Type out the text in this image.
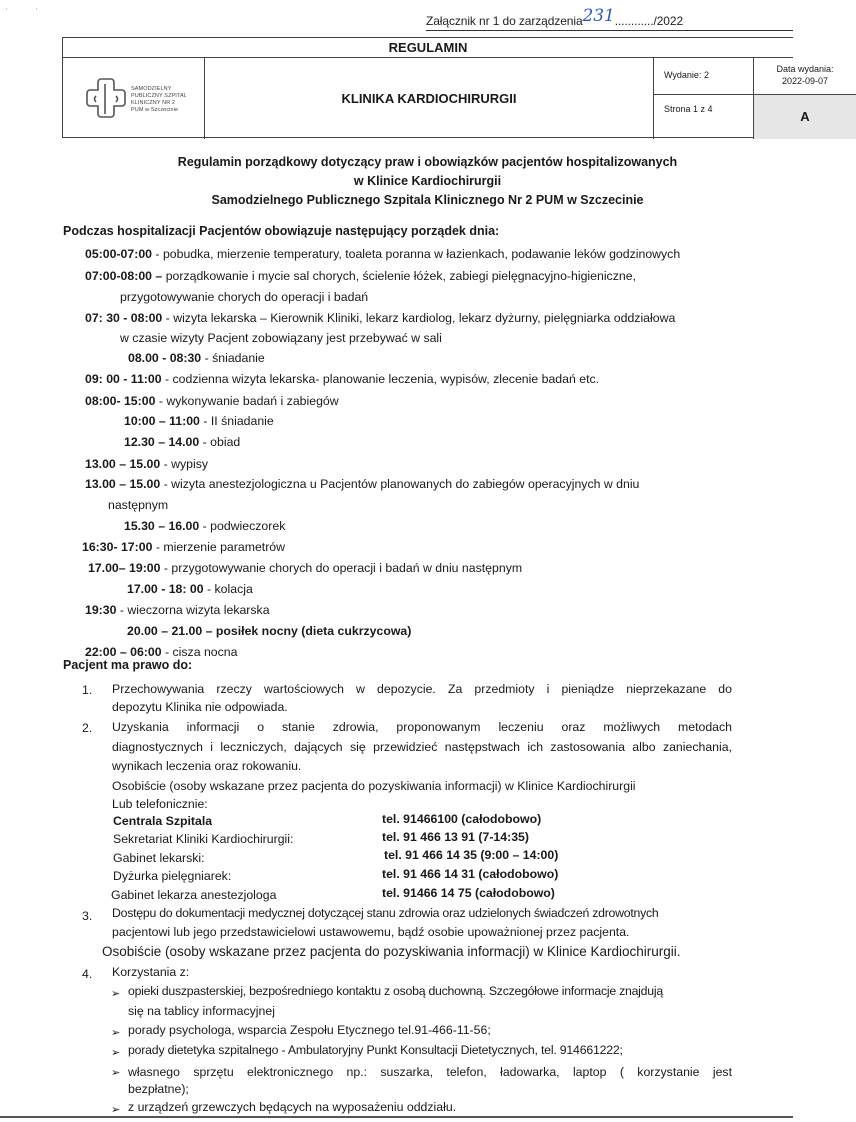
'	'
Załącznik nr 1 do zarządzenia231............/2022
REGULAMIN
SAMODZIELNY
PUBLICZNY SZPITAL
KLINICZNY NR 2
PUM w Szczecinie
KLINIKA KARDIOCHIRURGII
Wydanie: 2
Strona 1 z 4
Data wydania:
2022-09-07
A
Regulamin porządkowy dotyczący praw i obowiązków pacjentów hospitalizowanych
w Klinice Kardiochirurgii
Samodzielnego Publicznego Szpitala Klinicznego Nr 2 PUM w Szczecinie
Podczas hospitalizacji Pacjentów obowiązuje następujący porządek dnia:
05:00-07:00 - pobudka, mierzenie temperatury, toaleta poranna w łazienkach, podawanie leków godzinowych
07:00-08:00 – porządkowanie i mycie sal chorych, ścielenie łóżek, zabiegi pielęgnacyjno-higieniczne,
przygotowywanie chorych do operacji i badań
07: 30 - 08:00 - wizyta lekarska – Kierownik Kliniki, lekarz kardiolog, lekarz dyżurny, pielęgniarka oddziałowa
w czasie wizyty Pacjent zobowiązany jest przebywać w sali
08.00 - 08:30 - śniadanie
09: 00 - 11:00 - codzienna wizyta lekarska- planowanie leczenia, wypisów, zlecenie badań etc.
08:00- 15:00 - wykonywanie badań i zabiegów
10:00 – 11:00 - II śniadanie
12.30 – 14.00 - obiad
13.00 – 15.00 - wypisy
13.00 – 15.00 - wizyta anestezjologiczna u Pacjentów planowanych do zabiegów operacyjnych w dniu
następnym
15.30 – 16.00 - podwieczorek
16:30- 17:00 - mierzenie parametrów
17.00– 19:00 - przygotowywanie chorych do operacji i badań w dniu następnym
17.00 - 18: 00 - kolacja
19:30 - wieczorna wizyta lekarska
20.00 – 21.00 – posiłek nocny (dieta cukrzycowa)
22:00 – 06:00 - cisza nocna
Pacjent ma prawo do:
1. Przechowywania rzeczy wartościowych w depozycie. Za przedmioty i pieniądze nieprzekazane do
depozytu Klinika nie odpowiada.
2. Uzyskania informacji o stanie zdrowia, proponowanym leczeniu oraz możliwych metodach
diagnostycznych i leczniczych, dających się przewidzieć następstwach ich zastosowania albo zaniechania,
wynikach leczenia oraz rokowaniu.
Osobiście (osoby wskazane przez pacjenta do pozyskiwania informacji) w Klinice Kardiochirurgii
Lub telefonicznie:
Centrala Szpitala	tel. 91466100 (całodobowo)
Sekretariat Kliniki Kardiochirurgii:	tel. 91 466 13 91 (7-14:35)
Gabinet lekarski:	tel. 91 466 14 35 (9:00 – 14:00)
Dyżurka pielęgniarek:	tel. 91 466 14 31 (całodobowo)
Gabinet lekarza anestezjologa	tel. 91466 14 75 (całodobowo)
3. Dostępu do dokumentacji medycznej dotyczącej stanu zdrowia oraz udzielonych świadczeń zdrowotnych
pacjentowi lub jego przedstawicielowi ustawowemu, bądź osobie upoważnionej przez pacjenta.
Osobiście (osoby wskazane przez pacjenta do pozyskiwania informacji) w Klinice Kardiochirurgii.
4. Korzystania z:
➢ opieki duszpasterskiej, bezpośredniego kontaktu z osobą duchowną. Szczegółowe informacje znajdują
się na tablicy informacyjnej
➢ porady psychologa, wsparcia Zespołu Etycznego tel.91-466-11-56;
➢ porady dietetyka szpitalnego - Ambulatoryjny Punkt Konsultacji Dietetycznych, tel. 914661222;
➢ własnego sprzętu elektronicznego np.: suszarka, telefon, ładowarka, laptop ( korzystanie jest
bezpłatne);
➢ z urządzeń grzewczych będących na wyposażeniu oddziału.
